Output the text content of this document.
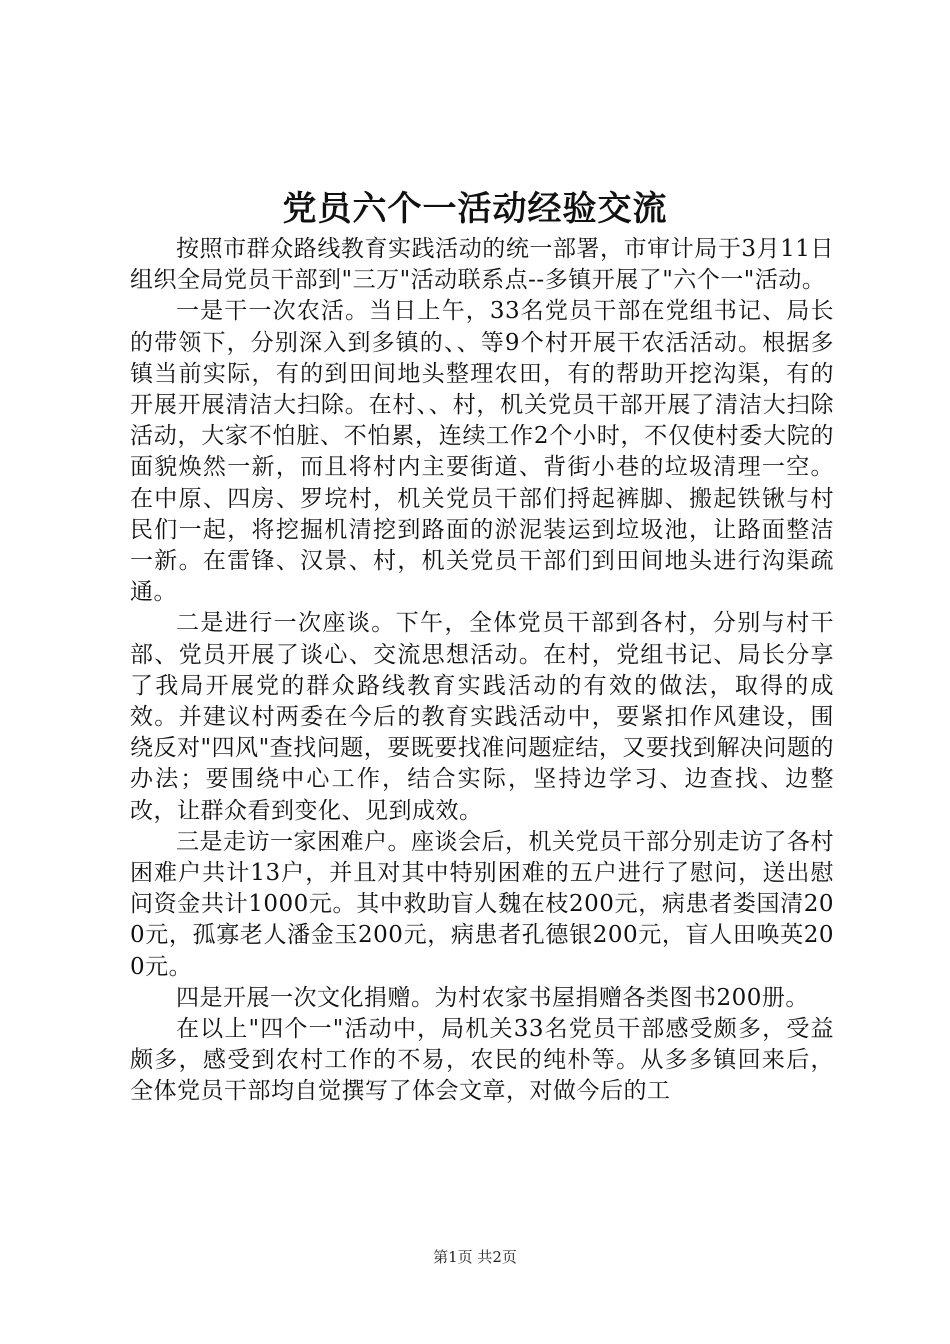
党员六个一活动经验交流

按照市群众路线教育实践活动的统一部署，市审计局于3月11日组织全局党员干部到"三万"活动联系点--多镇开展了"六个一"活动。

一是干一次农活。当日上午，33名党员干部在党组书记、局长的带领下，分别深入到多镇的、、等9个村开展干农活活动。根据多镇当前实际，有的到田间地头整理农田，有的帮助开挖沟渠，有的开展开展清洁大扫除。在村、、村，机关党员干部开展了清洁大扫除活动，大家不怕脏、不怕累，连续工作2个小时，不仅使村委大院的面貌焕然一新，而且将村内主要街道、背街小巷的垃圾清理一空。在中原、四房、罗垸村，机关党员干部们捋起裤脚、搬起铁锹与村民们一起，将挖掘机清挖到路面的淤泥装运到垃圾池，让路面整洁一新。在雷锋、汉景、村，机关党员干部们到田间地头进行沟渠疏通。

二是进行一次座谈。下午，全体党员干部到各村，分别与村干部、党员开展了谈心、交流思想活动。在村，党组书记、局长分享了我局开展党的群众路线教育实践活动的有效的做法，取得的成效。并建议村两委在今后的教育实践活动中，要紧扣作风建设，围绕反对"四风"查找问题，要既要找准问题症结，又要找到解决问题的办法；要围绕中心工作，结合实际，坚持边学习、边查找、边整改，让群众看到变化、见到成效。

三是走访一家困难户。座谈会后，机关党员干部分别走访了各村困难户共计13户，并且对其中特别困难的五户进行了慰问，送出慰问资金共计1000元。其中救助盲人魏在枝200元，病患者娄国清200元，孤寡老人潘金玉200元，病患者孔德银200元，盲人田唤英200元。

四是开展一次文化捐赠。为村农家书屋捐赠各类图书200册。

在以上"四个一"活动中，局机关33名党员干部感受颇多，受益颇多，感受到农村工作的不易，农民的纯朴等。从多多镇回来后，全体党员干部均自觉撰写了体会文章，对做今后的工

第1页 共2页
